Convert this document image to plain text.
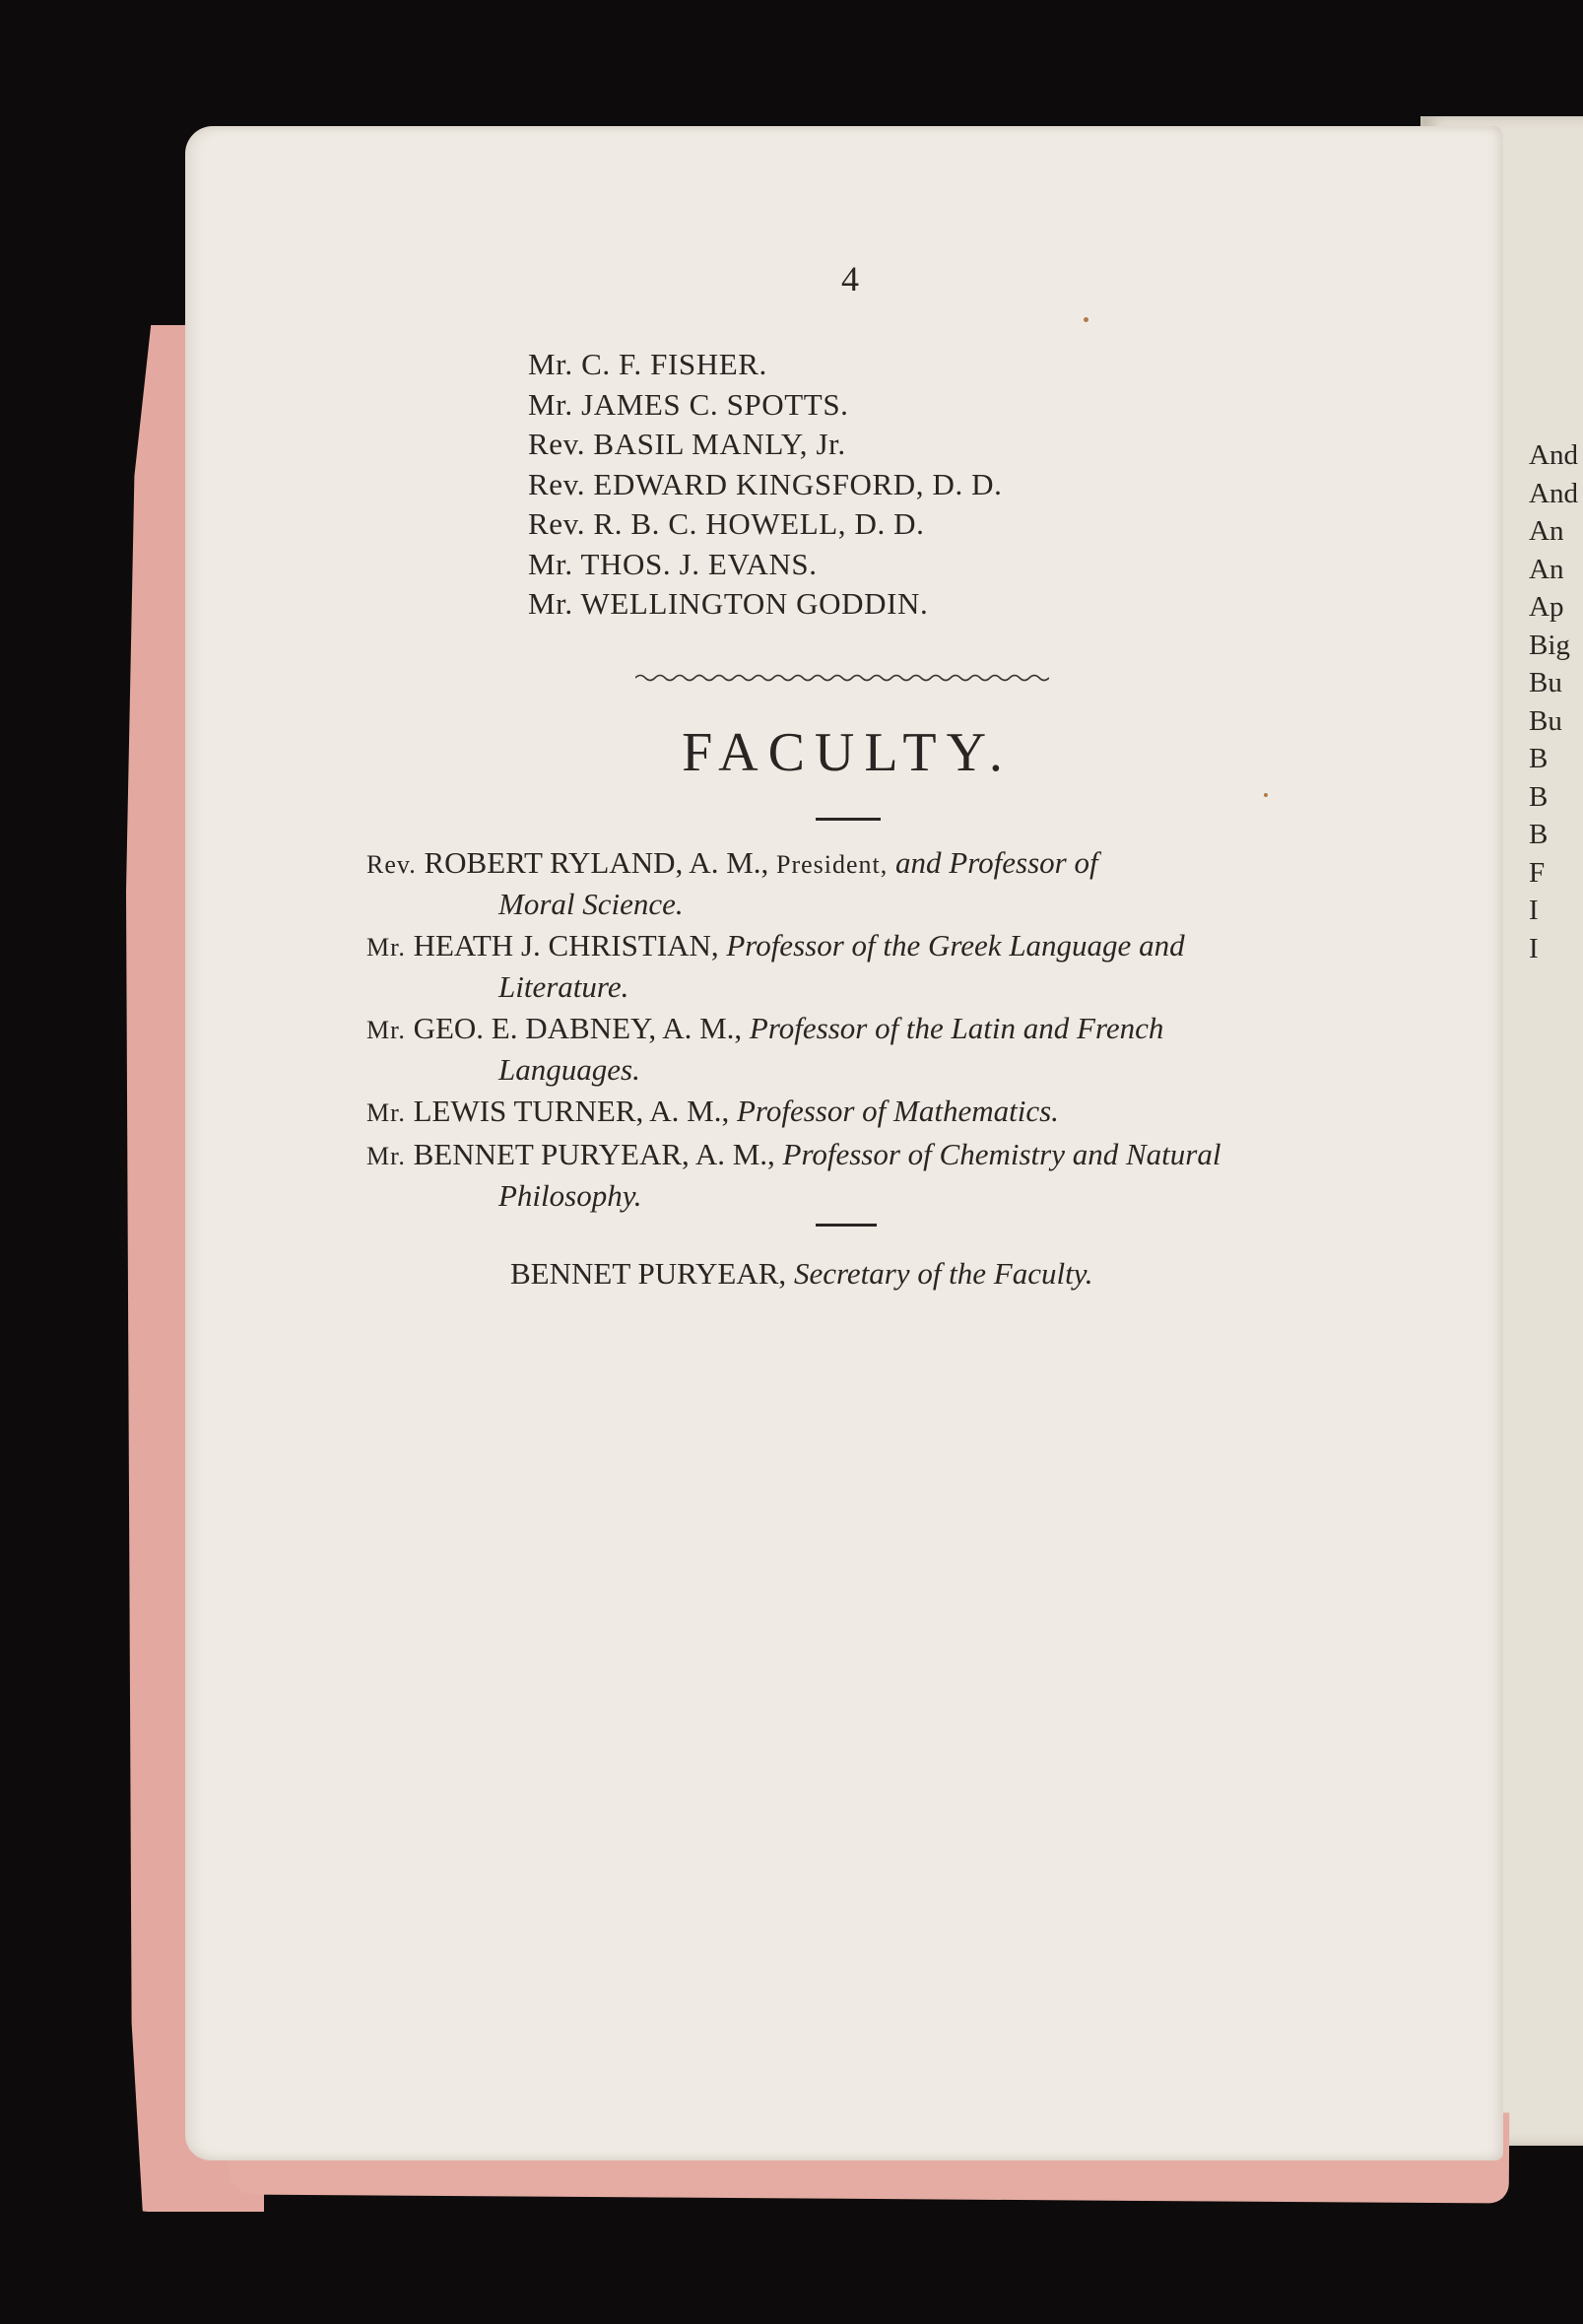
4
Mr. C. F. FISHER.
Mr. JAMES C. SPOTTS.
Rev. BASIL MANLY, Jr.
Rev. EDWARD KINGSFORD, D. D.
Rev. R. B. C. HOWELL, D. D.
Mr. THOS. J. EVANS.
Mr. WELLINGTON GODDIN.
FACULTY.
Rev. ROBERT RYLAND, A. M., President, and Professor of
Moral Science.
Mr. HEATH J. CHRISTIAN, Professor of the Greek Language and
Literature.
Mr. GEO. E. DABNEY, A. M., Professor of the Latin and French
Languages.
Mr. LEWIS TURNER, A. M., Professor of Mathematics.
Mr. BENNET PURYEAR, A. M., Professor of Chemistry and Natural
Philosophy.
BENNET PURYEAR, Secretary of the Faculty.
And
And
An
An
Ap
Big
Bu
Bu
B
B
B
F
I
I
